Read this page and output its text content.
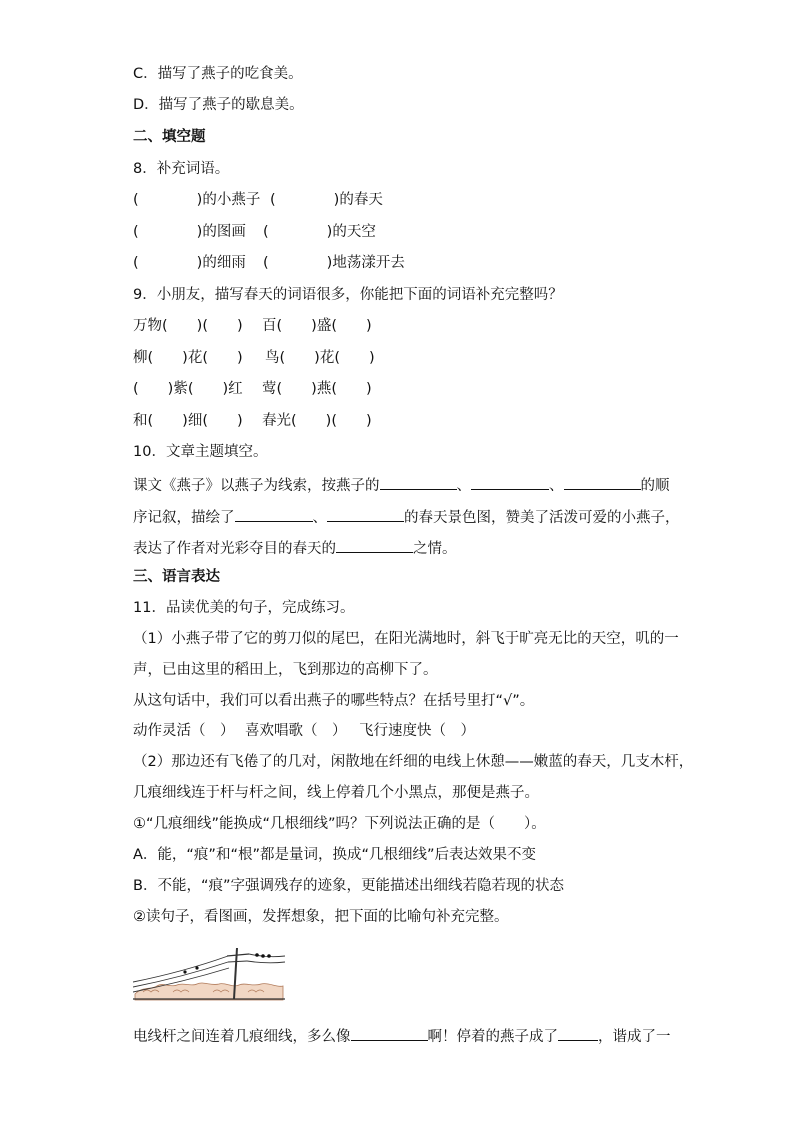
C．描写了燕子的吃食美。
D．描写了燕子的歇息美。
二、填空题
8．补充词语。
(　　　　)的小燕子 (　　　　)的春天
(　　　　)的图画 (　　　　)的天空
(　　　　)的细雨 (　　　　)地荡漾开去
9．小朋友，描写春天的词语很多，你能把下面的词语补充完整吗？
万物(　　)(　　) 百(　　)盛(　　)
柳(　　)花(　　) 鸟(　　)花(　　)
(　　)紫(　　)红 莺(　　)燕(　　)
和(　　)细(　　) 春光(　　)(　　)
10．文章主题填空。
课文《燕子》以燕子为线索，按燕子的	、	、	的顺
序记叙，描绘了	、	的春天景色图，赞美了活泼可爱的小燕子，
表达了作者对光彩夺目的春天的	之情。
三、语言表达
11．品读优美的句子，完成练习。
（1）小燕子带了它的剪刀似的尾巴，在阳光满地时，斜飞于旷亮无比的天空，叽的一
声，已由这里的稻田上，飞到那边的高柳下了。
从这句话中，我们可以看出燕子的哪些特点？在括号里打“√”。
动作灵活（　） 喜欢唱歌（　） 飞行速度快（　）
（2）那边还有飞倦了的几对，闲散地在纤细的电线上休憩——嫩蓝的春天，几支木杆，
几痕细线连于杆与杆之间，线上停着几个小黑点，那便是燕子。
①“几痕细线”能换成“几根细线”吗？下列说法正确的是（　　）。
A．能，“痕”和“根”都是量词，换成“几根细线”后表达效果不变
B．不能，“痕”字强调残存的迹象，更能描述出细线若隐若现的状态
②读句子，看图画，发挥想象，把下面的比喻句补充完整。
电线杆之间连着几痕细线，多么像	啊！停着的燕子成了	，谐成了一
